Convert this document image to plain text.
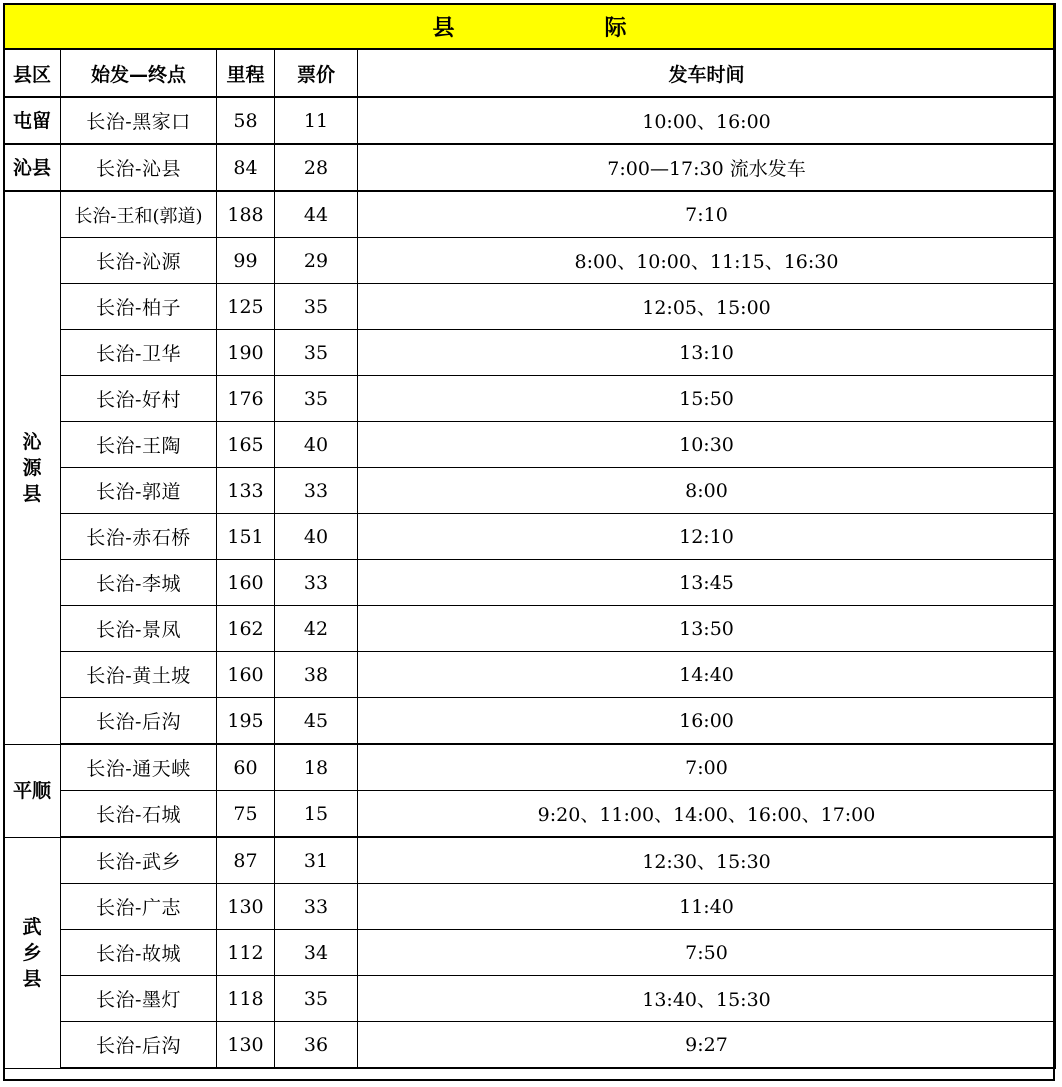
县 际				
县区	始发—终点	里程	票价	发车时间
屯留	长治-黑家口	58	11	10:00、16:00
沁县	长治-沁县	84	28	7:00—17:30 流水发车

沁源县	长治-王和(郭道)	188	44	7:10
	长治-沁源	99	29	8:00、10:00、11:15、16:30
	长治-柏子	125	35	12:05、15:00
	长治-卫华	190	35	13:10
	长治-好村	176	35	15:50
	长治-王陶	165	40	10:30
	长治-郭道	133	33	8:00
	长治-赤石桥	151	40	12:10
	长治-李城	160	33	13:45
	长治-景凤	162	42	13:50
	长治-黄土坡	160	38	14:40
	长治-后沟	195	45	16:00
平顺	长治-通天峡	60	18	7:00
	长治-石城	75	15	9:20、11:00、14:00、16:00、17:00

武乡县	长治-武乡	87	31	12:30、15:30
	长治-广志	130	33	11:40
	长治-故城	112	34	7:50
	长治-墨灯	118	35	13:40、15:30
	长治-后沟	130	36	9:27
